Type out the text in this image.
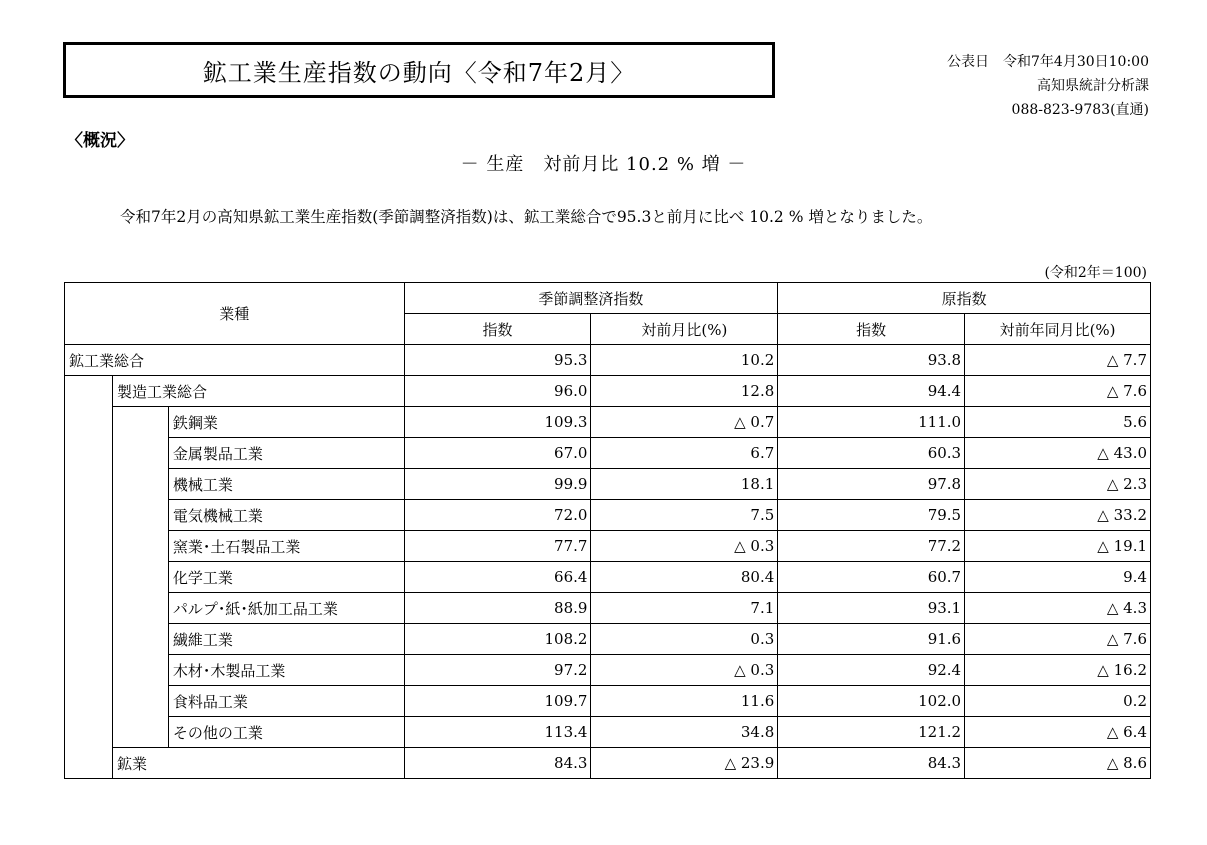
鉱工業生産指数の動向〈令和7年2月〉	公表日　令和7年4月30日10:00
高知県統計分析課
088-823-9783(直通)
〈概況〉
－ 生産　対前月比 10.2 % 増 －
令和7年2月の高知県鉱工業生産指数(季節調整済指数)は、鉱工業総合で95.3と前月に比べ 10.2 % 増となりました。
(令和2年＝100)
業種			季節調整済指数		原指数	
			指数	対前月比(%)	指数	対前年同月比(%)
鉱工業総合			95.3	10.2	93.8	△ 7.7
	製造工業総合		96.0	12.8	94.4	△ 7.6
		鉄鋼業	109.3	△ 0.7	111.0	5.6
		金属製品工業	67.0	6.7	60.3	△ 43.0
		機械工業	99.9	18.1	97.8	△ 2.3
		電気機械工業	72.0	7.5	79.5	△ 33.2
		窯業･土石製品工業	77.7	△ 0.3	77.2	△ 19.1
		化学工業	66.4	80.4	60.7	9.4
		パルプ･紙･紙加工品工業	88.9	7.1	93.1	△ 4.3
		繊維工業	108.2	0.3	91.6	△ 7.6
		木材･木製品工業	97.2	△ 0.3	92.4	△ 16.2
		食料品工業	109.7	11.6	102.0	0.2
		その他の工業	113.4	34.8	121.2	△ 6.4
	鉱業		84.3	△ 23.9	84.3	△ 8.6
